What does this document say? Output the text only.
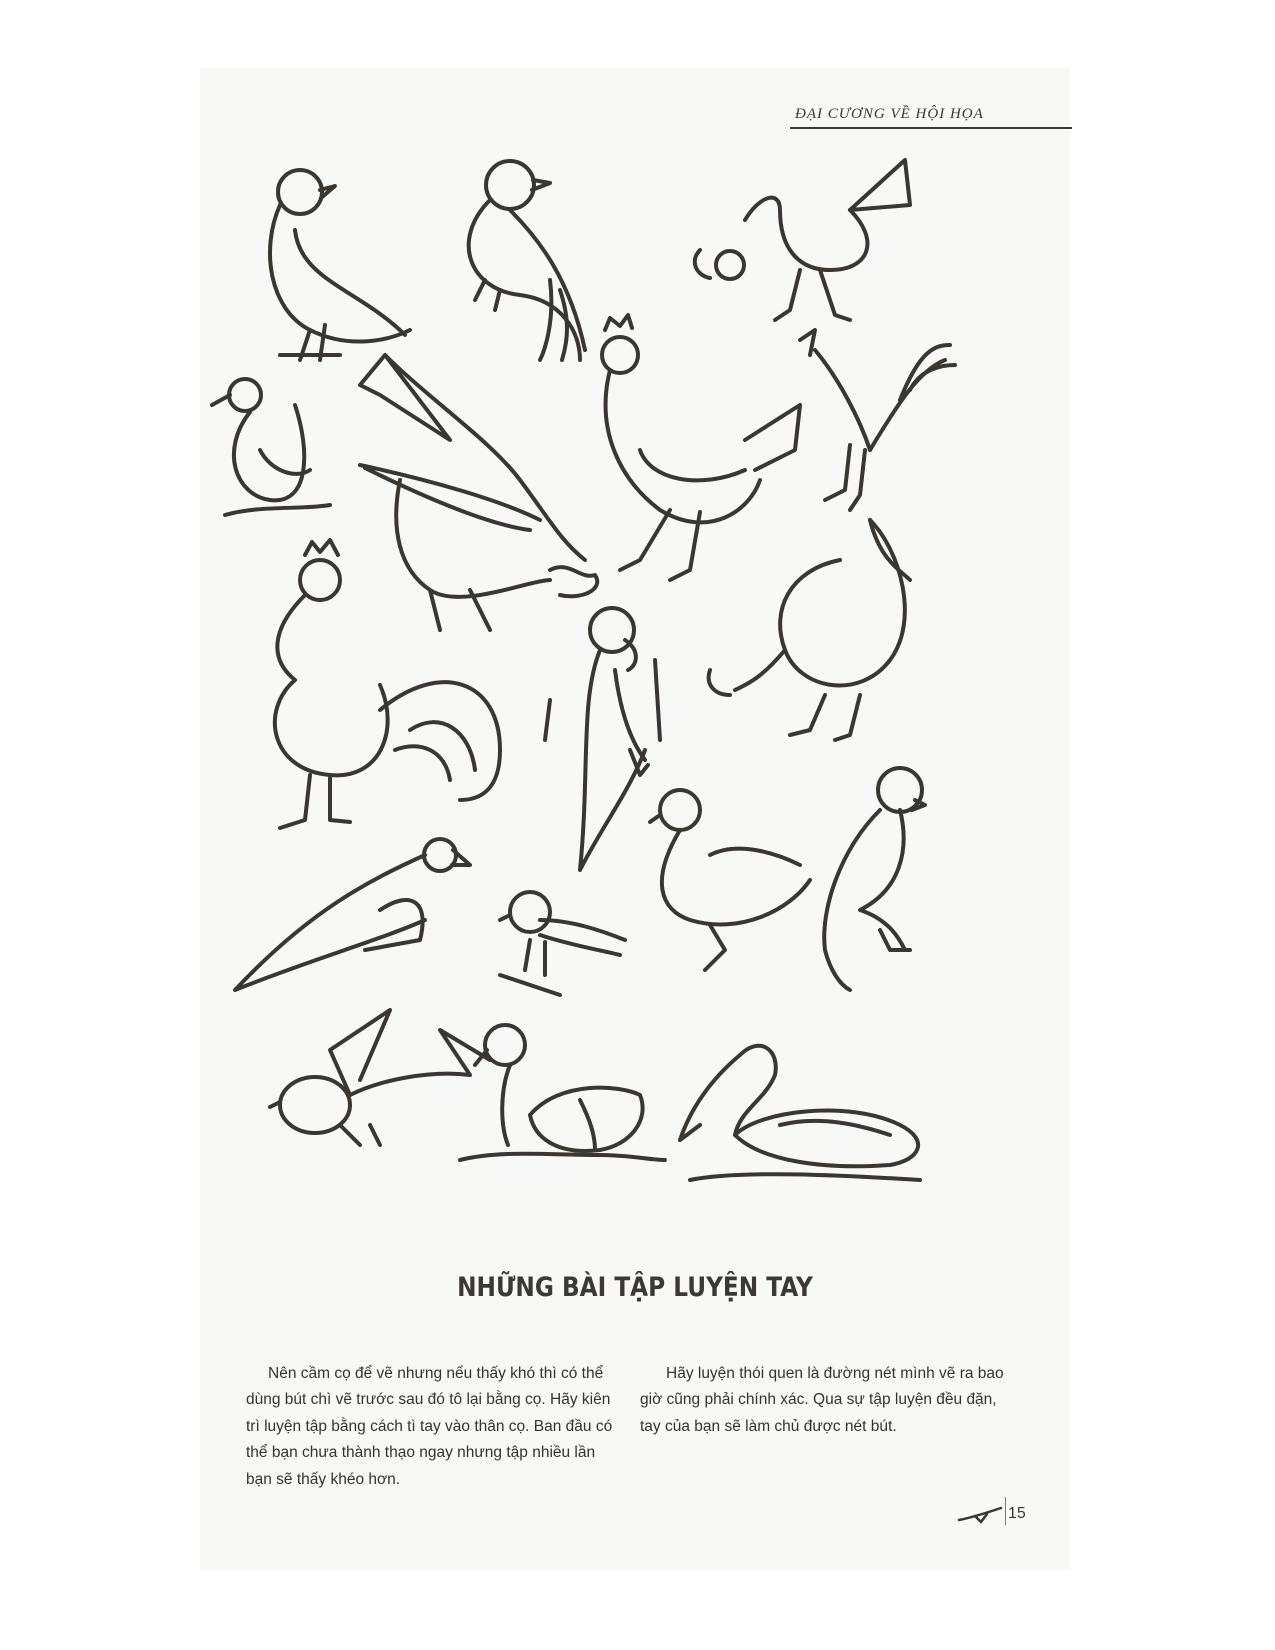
ĐẠI CƯƠNG VỀ HỘI HỌA
NHỮNG BÀI TẬP LUYỆN TAY

Nên cầm cọ để vẽ nhưng nếu thấy khó thì có thể dùng bút chì vẽ trước sau đó tô lại bằng cọ. Hãy kiên trì luyện tập bằng cách tì tay vào thân cọ. Ban đầu có thể bạn chưa thành thạo ngay nhưng tập nhiều lần bạn sẽ thấy khéo hơn.

Hãy luyện thói quen là đường nét mình vẽ ra bao giờ cũng phải chính xác. Qua sự tập luyện đều đặn, tay của bạn sẽ làm chủ được nét bút.

15
